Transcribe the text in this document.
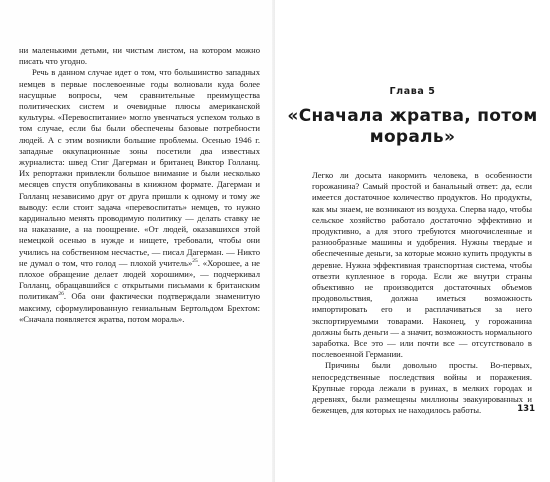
ни маленькими детьми, ни чистым листом, на котором можно писать что угодно.

Речь в данном случае идет о том, что большинство западных немцев в первые послевоенные годы волновали куда более насущные вопросы, чем сравнительные преимущества политических систем и очевидные плюсы американской культуры. «Перевоспитание» могло увенчаться успехом только в том случае, если бы были обеспечены базовые потребности людей. А с этим возникли большие проблемы. Осенью 1946 г. западные оккупационные зоны посетили два известных журналиста: швед Стиг Дагерман и британец Виктор Голланц. Их репортажи привлекли большое внимание и были несколько месяцев спустя опубликованы в книжном формате. Дагерман и Голланц независимо друг от друга пришли к одному и тому же выводу: если стоит задача «перевоспитать» немцев, то нужно кардинально менять проводимую политику — делать ставку не на наказание, а на поощрение. «От людей, оказавшихся этой немецкой осенью в нужде и нищете, требовали, чтобы они учились на собственном несчастье, — писал Дагерман. — Никто не думал о том, что голод — плохой учитель»$^{25}$. «Хорошее, а не плохое обращение делает людей хорошими», — подчеркивал Голланц, обращавшийся с открытыми письмами к британским политикам$^{26}$. Оба они фактически подтверждали знаменитую максиму, сформулированную гениальным Бертольдом Брехтом: «Сначала появляется жратва, потом мораль».

Глава 5
«Сначала жратва, потом мораль»

Легко ли досыта накормить человека, в особенности горожанина? Самый простой и банальный ответ: да, если имеется достаточное количество продуктов. Но продукты, как мы знаем, не возникают из воздуха. Сперва надо, чтобы сельское хозяйство работало достаточно эффективно и продуктивно, а для этого требуются многочисленные и разнообразные машины и удобрения. Нужны твердые и обеспеченные деньги, за которые можно купить продукты в деревне. Нужна эффективная транспортная система, чтобы отвезти купленное в города. Если же внутри страны объективно не производится достаточных объемов продовольствия, должна иметься возможность импортировать его и расплачиваться за него экспортируемыми товарами. Наконец, у горожанина должны быть деньги — а значит, возможность нормального заработка. Все это — или почти все — отсутствовало в послевоенной Германии.

Причины были довольно просты. Во-первых, непосредственные последствия войны и поражения. Крупные города лежали в руинах, в мелких городах и деревнях, были размещены миллионы эвакуированных и беженцев, для которых не находилось работы.	131
